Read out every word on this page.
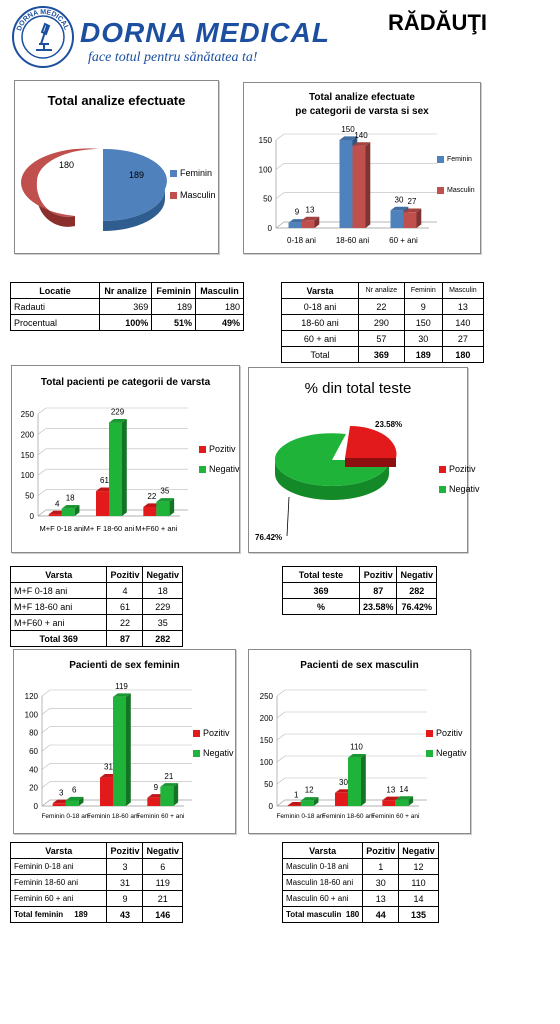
DORNA MEDICAL DORNA MEDICAL
face totul pentru sănătatea ta!
RĂDĂUŢI
Total analize efectuate
180
189	Feminin
Masculin
Total analize efectuate
pe categorii de varsta si sex
0
50
100
150
9 13
0-18 ani
150
140
18-60 ani
30 27
60 + ani
Feminin
Masculin
Locatie	Nr analize	Feminin	Masculin
Radauti	369	189	180
Procentual	100%	51%	49%
Varsta	Nr analize	Feminin	Masculin
0-18 ani	22	9	13
18-60 ani	290	150	140
60 + ani	57	30	27
Total	369	189	180
Total pacienti pe categorii de varsta
0
50
100
150
200
250
4
18
M+F 0-18 ani
61
229
M+ F 18-60 ani
22
35
M+F60 + ani
Pozitiv
Negativ
% din total teste
23.58%
76.42%
Pozitiv
Negativ
Varsta	Pozitiv	Negativ
M+F 0-18 ani	4	18
M+F 18-60 ani	61	229
M+F60 + ani	22	35
Total 369	87	282
Total teste	Pozitiv	Negativ
369	87	282
%	23.58%	76.42%
Pacienti de sex feminin
0
20
40
60
80
100
120
3 6
Feminin 0-18 ani
31
119
Feminin 18-60 ani
9
21
Feminin 60 + ani
Pozitiv
Negativ
Pacienti de sex masculin
0
50
100
150
200
250
1
12
Feminin 0-18 ani
30
110
Feminin 18-60 ani
13 14
Feminin 60 + ani
Pozitiv
Negativ
Varsta	Pozitiv	Negativ
Feminin 0-18 ani	3	6
Feminin 18-60 ani	31	119
Feminin 60 + ani	9	21
Total feminin     189	43	146
Varsta	Pozitiv	Negativ
Masculin 0-18 ani	1	12
Masculin 18-60 ani	30	110
Masculin 60 + ani	13	14
Total masculin  180	44	135
